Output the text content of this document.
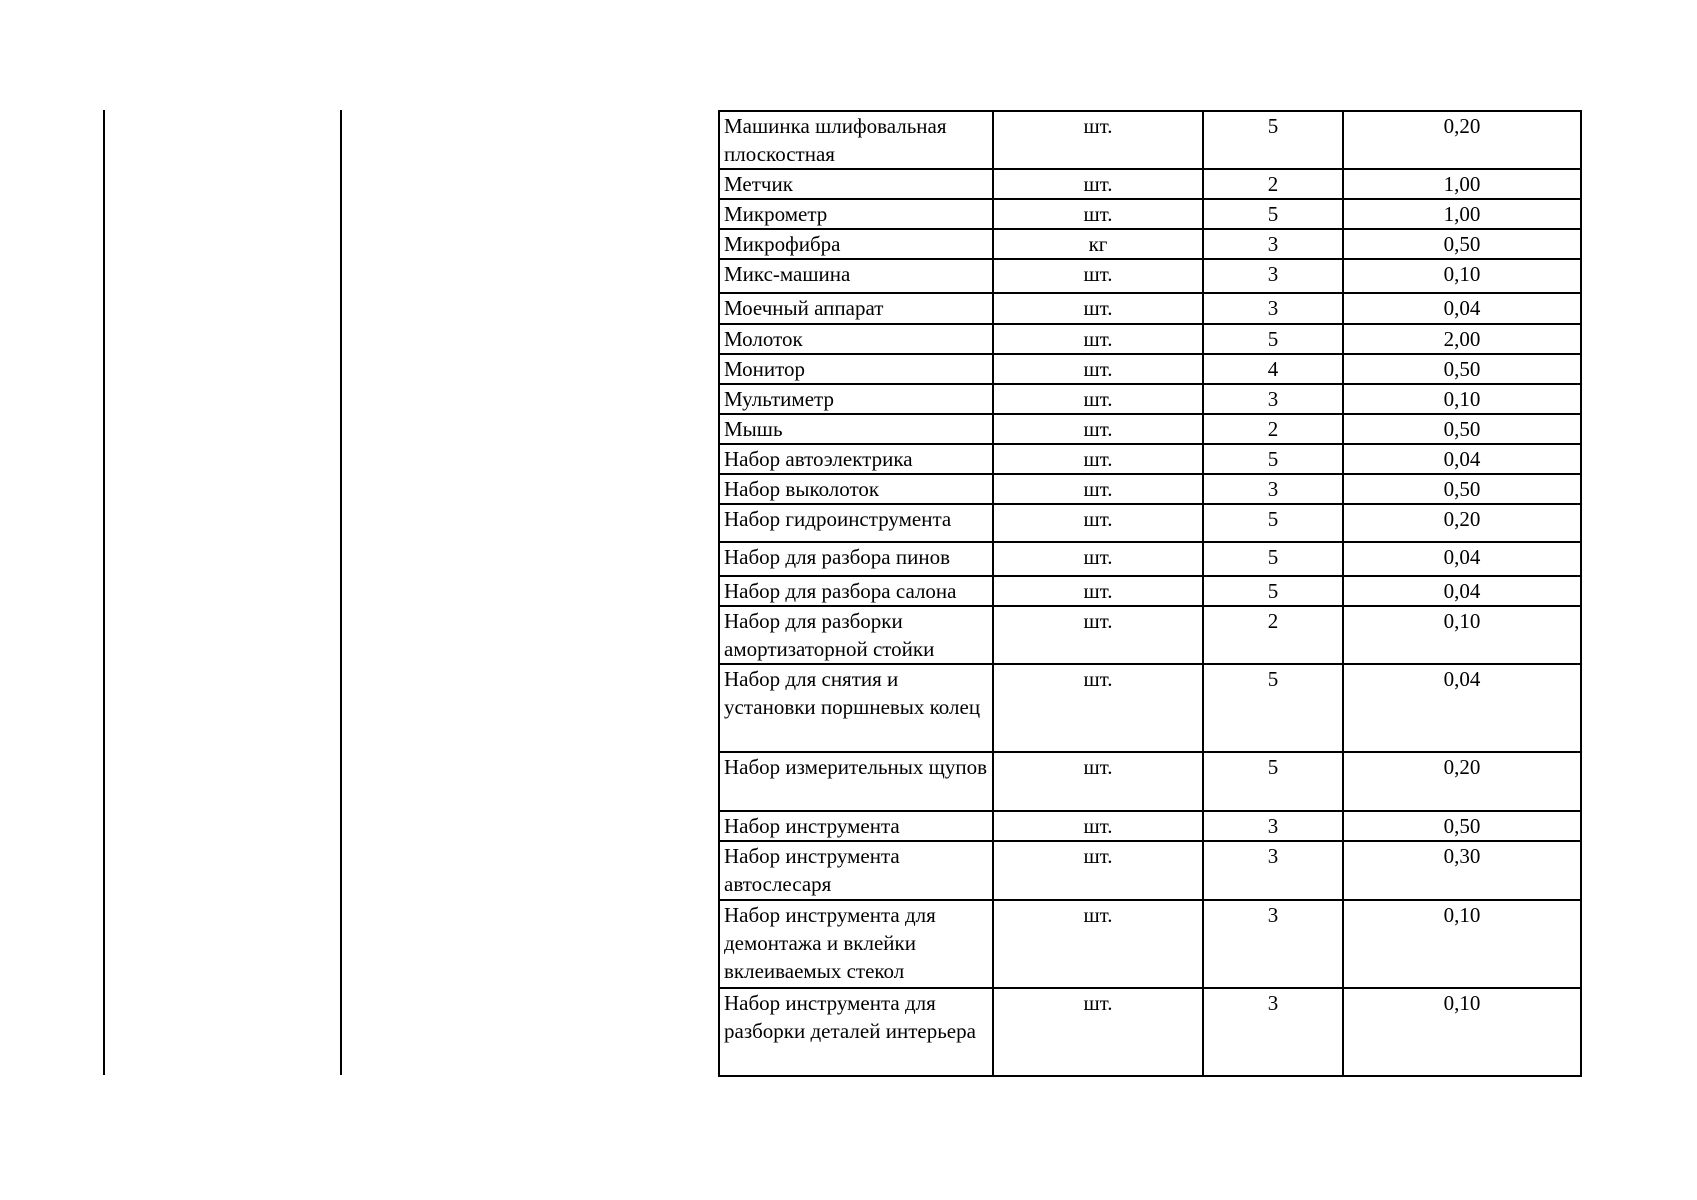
Машинка шлифовальная плоскостная	шт.	5	0,20
Метчик	шт.	2	1,00
Микрометр	шт.	5	1,00
Микрофибра	кг	3	0,50
Микс-машина	шт.	3	0,10
Моечный аппарат	шт.	3	0,04
Молоток	шт.	5	2,00
Монитор	шт.	4	0,50
Мультиметр	шт.	3	0,10
Мышь	шт.	2	0,50
Набор автоэлектрика	шт.	5	0,04
Набор выколоток	шт.	3	0,50
Набор гидроинструмента	шт.	5	0,20
Набор для разбора пинов	шт.	5	0,04
Набор для разбора салона	шт.	5	0,04
Набор для разборки амортизаторной стойки	шт.	2	0,10
Набор для снятия и установки поршневых колец	шт.	5	0,04
Набор измерительных щупов	шт.	5	0,20
Набор инструмента	шт.	3	0,50
Набор инструмента автослесаря	шт.	3	0,30
Набор инструмента для демонтажа и вклейки вклеиваемых стекол	шт.	3	0,10
Набор инструмента для разборки деталей интерьера	шт.	3	0,10
